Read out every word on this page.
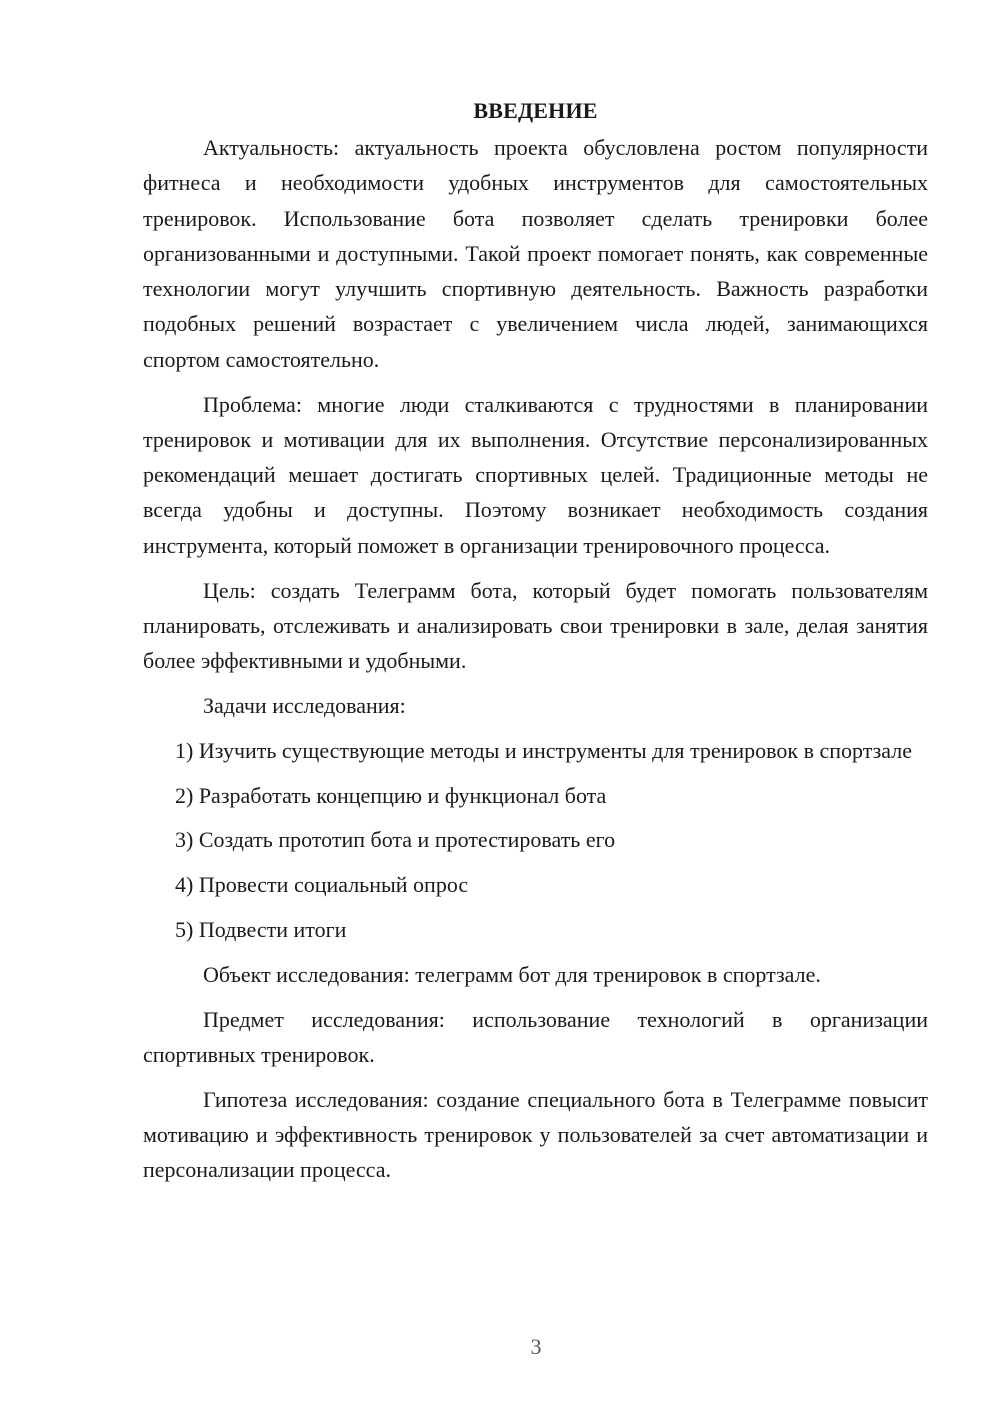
ВВЕДЕНИЕ

Актуальность: актуальность проекта обусловлена ростом популярности фитнеса и необходимости удобных инструментов для самостоятельных тренировок. Использование бота позволяет сделать тренировки более организованными и доступными. Такой проект помогает понять, как современные технологии могут улучшить спортивную деятельность. Важность разработки подобных решений возрастает с увеличением числа людей, занимающихся спортом самостоятельно.

Проблема: многие люди сталкиваются с трудностями в планировании тренировок и мотивации для их выполнения. Отсутствие персонализированных рекомендаций мешает достигать спортивных целей. Традиционные методы не всегда удобны и доступны. Поэтому возникает необходимость создания инструмента, который поможет в организации тренировочного процесса.

Цель: создать Телеграмм бота, который будет помогать пользователям планировать, отслеживать и анализировать свои тренировки в зале, делая занятия более эффективными и удобными.

Задачи исследования:

1) Изучить существующие методы и инструменты для тренировок в спортзале

2) Разработать концепцию и функционал бота

3) Создать прототип бота и протестировать его

4) Провести социальный опрос

5) Подвести итоги

Объект исследования: телеграмм бот для тренировок в спортзале.

Предмет исследования: использование технологий в организации спортивных тренировок.

Гипотеза исследования: создание специального бота в Телеграмме повысит мотивацию и эффективность тренировок у пользователей за счет автоматизации и персонализации процесса.

3
